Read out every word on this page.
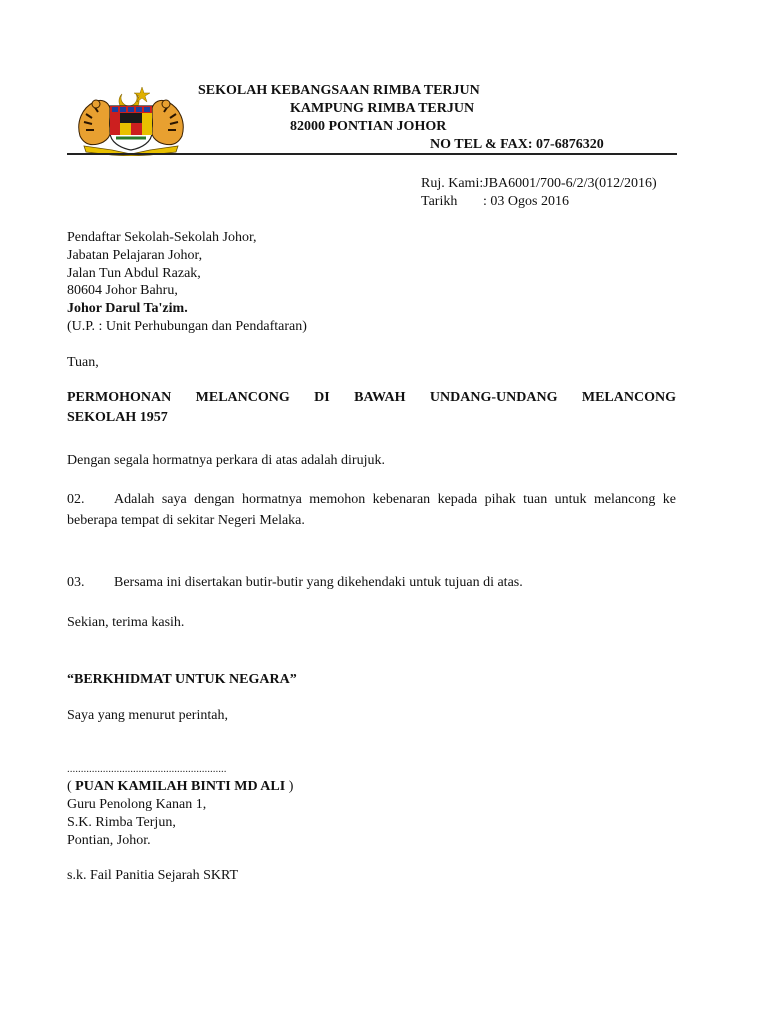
SEKOLAH KEBANGSAAN RIMBA TERJUN
KAMPUNG RIMBA TERJUN
82000 PONTIAN JOHOR
NO TEL & FAX: 07-6876320
Ruj. Kami:JBA6001/700-6/2/3(012/2016)
Tarikh : 03 Ogos 2016
Pendaftar Sekolah-Sekolah Johor,
Jabatan Pelajaran Johor,
Jalan Tun Abdul Razak,
80604 Johor Bahru,
Johor Darul Ta'zim.
(U.P. : Unit Perhubungan dan Pendaftaran)
Tuan,
PERMOHONAN MELANCONG DI BAWAH UNDANG-UNDANG MELANCONG
SEKOLAH 1957
Dengan segala hormatnya perkara di atas adalah dirujuk.
02. Adalah saya dengan hormatnya memohon kebenaran kepada pihak tuan untuk melancong ke
beberapa tempat di sekitar Negeri Melaka.
03. Bersama ini disertakan butir-butir yang dikehendaki untuk tujuan di atas.
Sekian, terima kasih.
“BERKHIDMAT UNTUK NEGARA”
Saya yang menurut perintah,
..........................................................
( PUAN KAMILAH BINTI MD ALI )
Guru Penolong Kanan 1,
S.K. Rimba Terjun,
Pontian, Johor.
s.k. Fail Panitia Sejarah SKRT
